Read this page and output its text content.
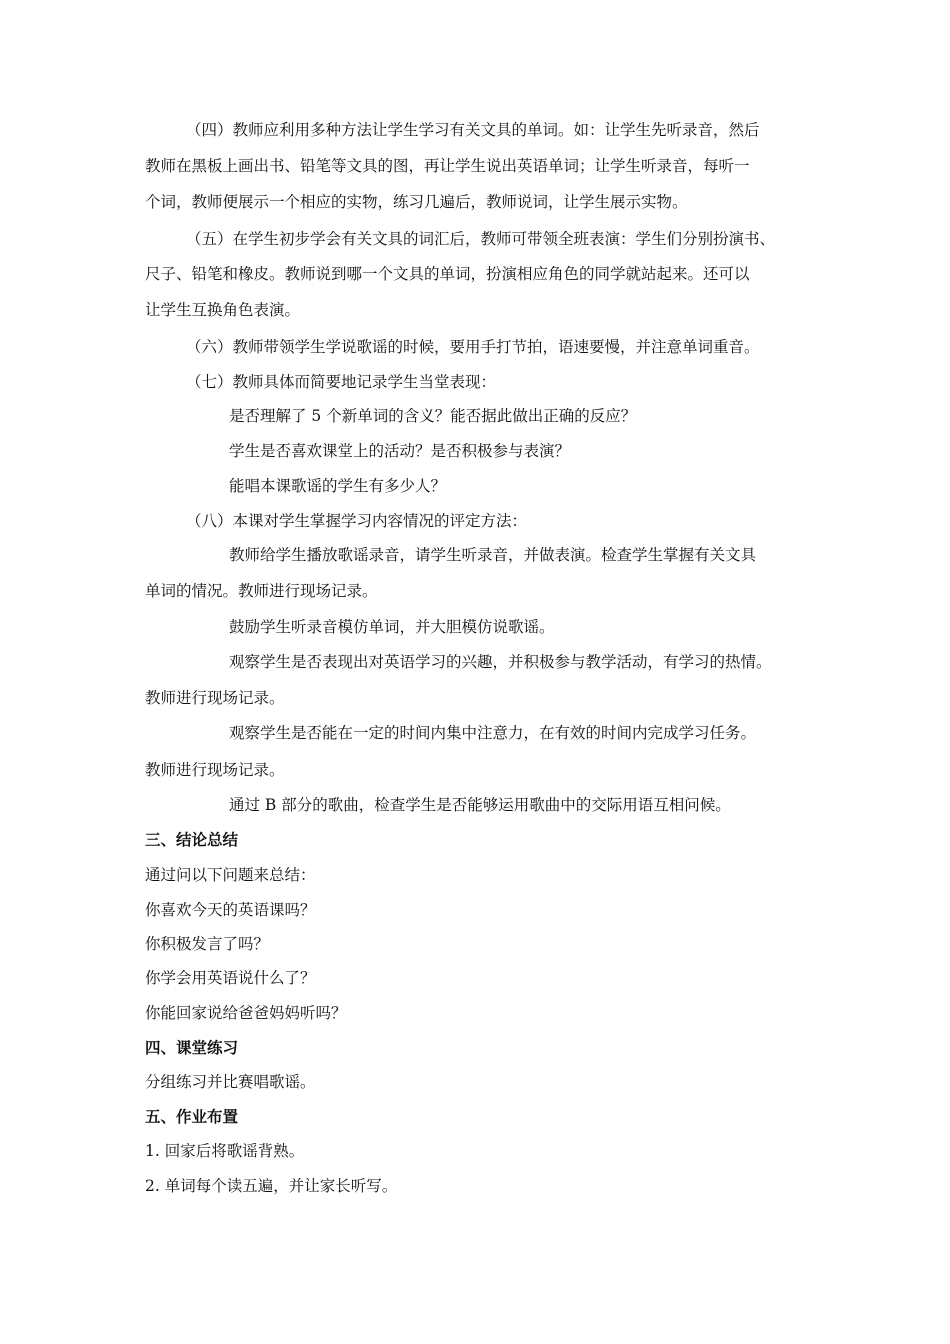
（四）教师应利用多种方法让学生学习有关文具的单词。如：让学生先听录音，然后
教师在黑板上画出书、铅笔等文具的图，再让学生说出英语单词；让学生听录音，每听一
个词，教师便展示一个相应的实物，练习几遍后，教师说词，让学生展示实物。
（五）在学生初步学会有关文具的词汇后，教师可带领全班表演：学生们分别扮演书、
尺子、铅笔和橡皮。教师说到哪一个文具的单词，扮演相应角色的同学就站起来。还可以
让学生互换角色表演。
（六）教师带领学生学说歌谣的时候，要用手打节拍，语速要慢，并注意单词重音。
（七）教师具体而简要地记录学生当堂表现：
是否理解了 5 个新单词的含义？能否据此做出正确的反应？
学生是否喜欢课堂上的活动？是否积极参与表演？
能唱本课歌谣的学生有多少人？
（八）本课对学生掌握学习内容情况的评定方法：
教师给学生播放歌谣录音，请学生听录音，并做表演。检查学生掌握有关文具
单词的情况。教师进行现场记录。
鼓励学生听录音模仿单词，并大胆模仿说歌谣。
观察学生是否表现出对英语学习的兴趣，并积极参与教学活动，有学习的热情。
教师进行现场记录。
观察学生是否能在一定的时间内集中注意力，在有效的时间内完成学习任务。
教师进行现场记录。
通过 B 部分的歌曲，检查学生是否能够运用歌曲中的交际用语互相问候。
三、结论总结
通过问以下问题来总结：
你喜欢今天的英语课吗？
你积极发言了吗？
你学会用英语说什么了？
你能回家说给爸爸妈妈听吗？
四、课堂练习
分组练习并比赛唱歌谣。
五、作业布置
1. 回家后将歌谣背熟。
2. 单词每个读五遍，并让家长听写。
